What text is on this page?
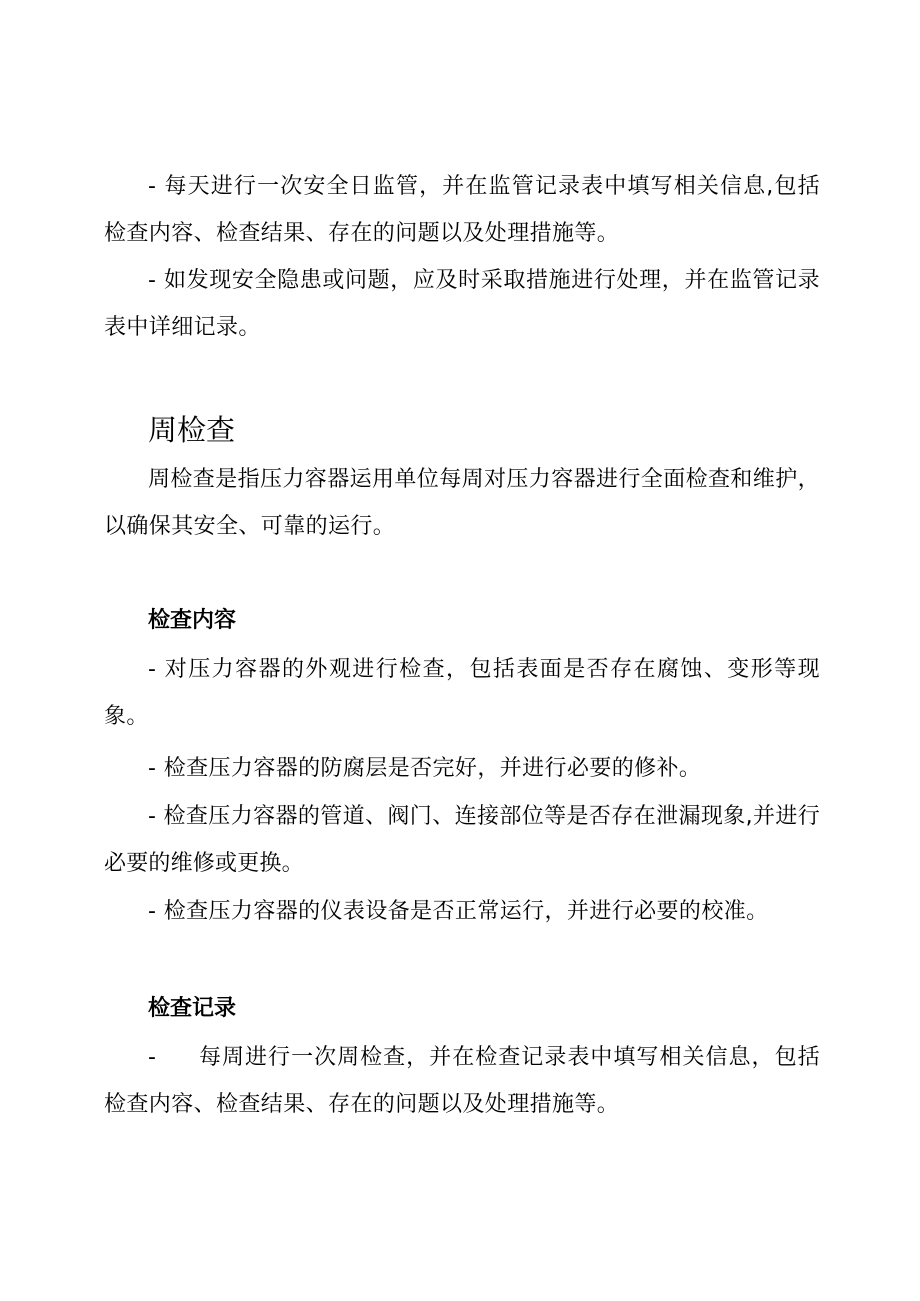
- 每天进行一次安全日监管，并在监管记录表中填写相关信息,包括检查内容、检查结果、存在的问题以及处理措施等。

- 如发现安全隐患或问题，应及时采取措施进行处理，并在监管记录表中详细记录。

周检查

周检查是指压力容器运用单位每周对压力容器进行全面检查和维护，以确保其安全、可靠的运行。

检查内容

- 对压力容器的外观进行检查，包括表面是否存在腐蚀、变形等现象。

- 检查压力容器的防腐层是否完好，并进行必要的修补。

- 检查压力容器的管道、阀门、连接部位等是否存在泄漏现象,并进行必要的维修或更换。

- 检查压力容器的仪表设备是否正常运行，并进行必要的校准。

检查记录

- 每周进行一次周检查，并在检查记录表中填写相关信息，包括检查内容、检查结果、存在的问题以及处理措施等。
